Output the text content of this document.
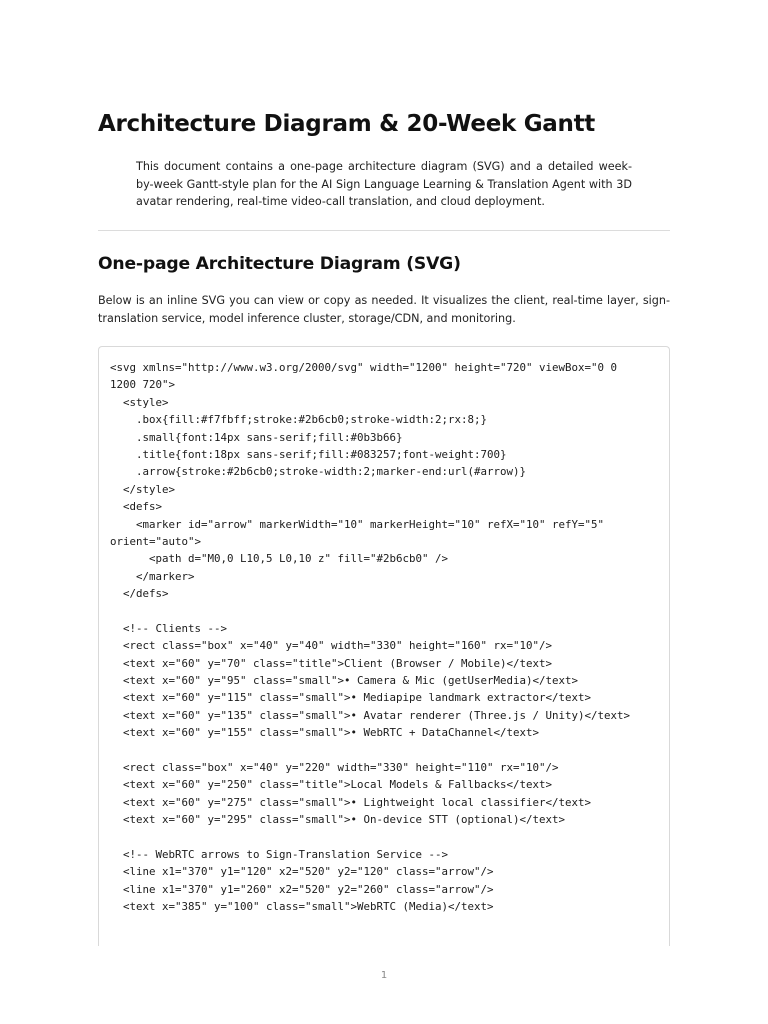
Architecture Diagram & 20-Week Gantt

This document contains a one-page architecture diagram (SVG) and a detailed week-by-week Gantt-style plan for the AI Sign Language Learning & Translation Agent with 3D avatar rendering, real-time video-call translation, and cloud deployment.

One-page Architecture Diagram (SVG)

Below is an inline SVG you can view or copy as needed. It visualizes the client, real-time layer, sign-translation service, model inference cluster, storage/CDN, and monitoring.

<svg xmlns="http://www.w3.org/2000/svg" width="1200" height="720" viewBox="0 0
1200 720">
<style>
.box{fill:#f7fbff;stroke:#2b6cb0;stroke-width:2;rx:8;}
.small{font:14px sans-serif;fill:#0b3b66}
.title{font:18px sans-serif;fill:#083257;font-weight:700}
.arrow{stroke:#2b6cb0;stroke-width:2;marker-end:url(#arrow)}
</style>
<defs>
<marker id="arrow" markerWidth="10" markerHeight="10" refX="10" refY="5"
orient="auto">
<path d="M0,0 L10,5 L0,10 z" fill="#2b6cb0" />
</marker>
</defs>
<!-- Clients -->
<rect class="box" x="40" y="40" width="330" height="160" rx="10"/>
<text x="60" y="70" class="title">Client (Browser / Mobile)</text>
<text x="60" y="95" class="small">• Camera & Mic (getUserMedia)</text>
<text x="60" y="115" class="small">• Mediapipe landmark extractor</text>
<text x="60" y="135" class="small">• Avatar renderer (Three.js / Unity)</text>
<text x="60" y="155" class="small">• WebRTC + DataChannel</text>
<rect class="box" x="40" y="220" width="330" height="110" rx="10"/>
<text x="60" y="250" class="title">Local Models & Fallbacks</text>
<text x="60" y="275" class="small">• Lightweight local classifier</text>
<text x="60" y="295" class="small">• On-device STT (optional)</text>
<!-- WebRTC arrows to Sign-Translation Service -->
<line x1="370" y1="120" x2="520" y2="120" class="arrow"/>
<line x1="370" y1="260" x2="520" y2="260" class="arrow"/>
<text x="385" y="100" class="small">WebRTC (Media)</text>
1
